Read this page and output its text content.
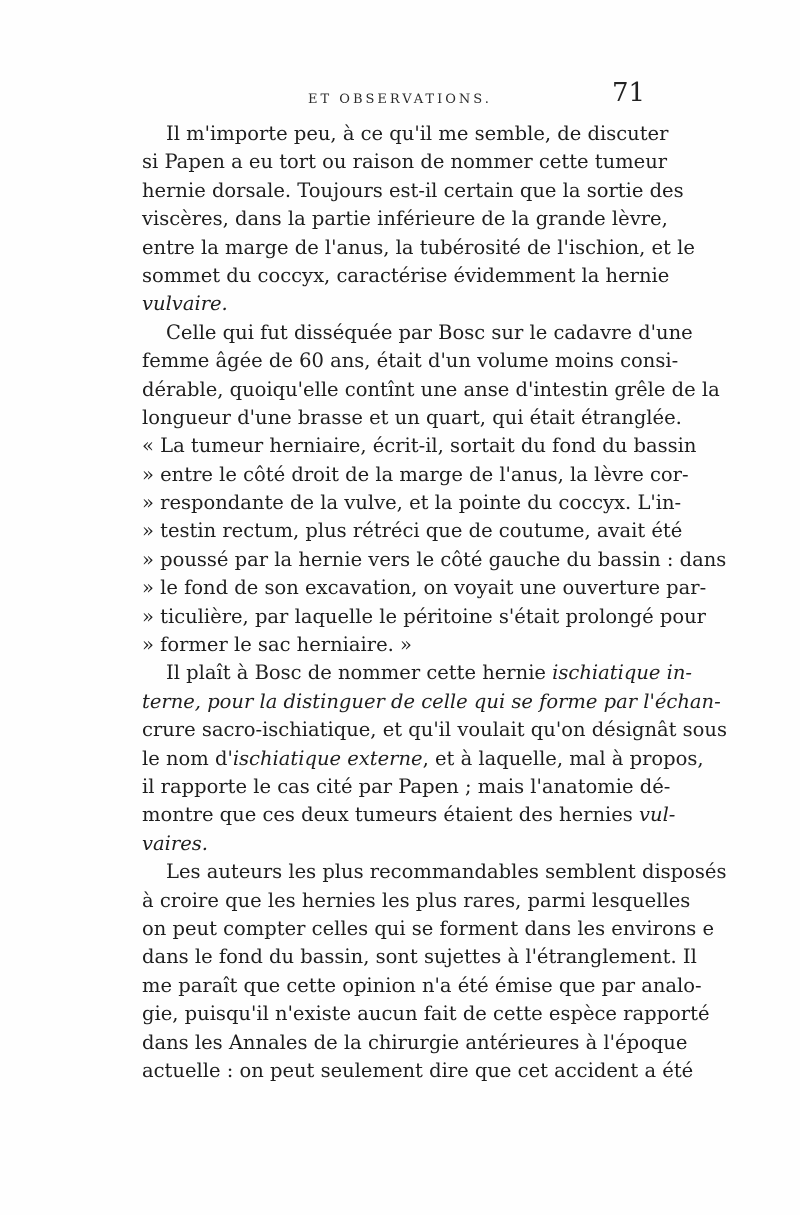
ET OBSERVATIONS.	71
Il m'importe peu, à ce qu'il me semble, de discuter
si Papen a eu tort ou raison de nommer cette tumeur
hernie dorsale. Toujours est-il certain que la sortie des
viscères, dans la partie inférieure de la grande lèvre,
entre la marge de l'anus, la tubérosité de l'ischion, et le
sommet du coccyx, caractérise évidemment la hernie
vulvaire.
Celle qui fut disséquée par Bosc sur le cadavre d'une
femme âgée de 60 ans, était d'un volume moins consi-
dérable, quoiqu'elle contînt une anse d'intestin grêle de la
longueur d'une brasse et un quart, qui était étranglée.
« La tumeur herniaire, écrit-il, sortait du fond du bassin
» entre le côté droit de la marge de l'anus, la lèvre cor-
» respondante de la vulve, et la pointe du coccyx. L'in-
» testin rectum, plus rétréci que de coutume, avait été
» poussé par la hernie vers le côté gauche du bassin : dans
» le fond de son excavation, on voyait une ouverture par-
» ticulière, par laquelle le péritoine s'était prolongé pour
» former le sac herniaire. »
Il plaît à Bosc de nommer cette hernie ischiatique in-
terne, pour la distinguer de celle qui se forme par l'échan-
crure sacro-ischiatique, et qu'il voulait qu'on désignât sous
le nom d'ischiatique externe, et à laquelle, mal à propos,
il rapporte le cas cité par Papen ; mais l'anatomie dé-
montre que ces deux tumeurs étaient des hernies vul-
vaires.
Les auteurs les plus recommandables semblent disposés
à croire que les hernies les plus rares, parmi lesquelles
on peut compter celles qui se forment dans les environs e
dans le fond du bassin, sont sujettes à l'étranglement. Il
me paraît que cette opinion n'a été émise que par analo-
gie, puisqu'il n'existe aucun fait de cette espèce rapporté
dans les Annales de la chirurgie antérieures à l'époque
actuelle : on peut seulement dire que cet accident a été
